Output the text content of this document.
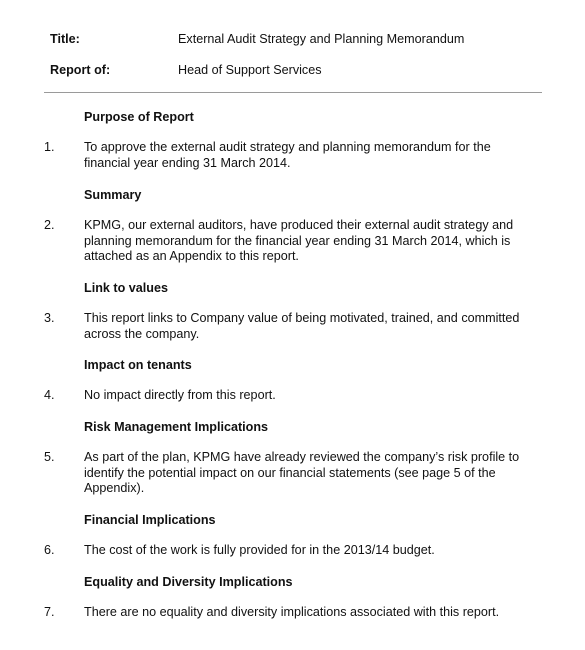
Title:	External Audit Strategy and Planning Memorandum
Report of:	Head of Support Services
Purpose of Report
1.	To approve the external audit strategy and planning memorandum for the
financial year ending 31 March 2014.
Summary
2.	KPMG, our external auditors, have produced their external audit strategy and
planning memorandum for the financial year ending 31 March 2014, which is
attached as an Appendix to this report.
Link to values
3.	This report links to Company value of being motivated, trained, and committed
across the company.
Impact on tenants
4.	No impact directly from this report.
Risk Management Implications
5.	As part of the plan, KPMG have already reviewed the company’s risk profile to
identify the potential impact on our financial statements (see page 5 of the
Appendix).
Financial Implications
6.	The cost of the work is fully provided for in the 2013/14 budget.
Equality and Diversity Implications
7.	There are no equality and diversity implications associated with this report.
